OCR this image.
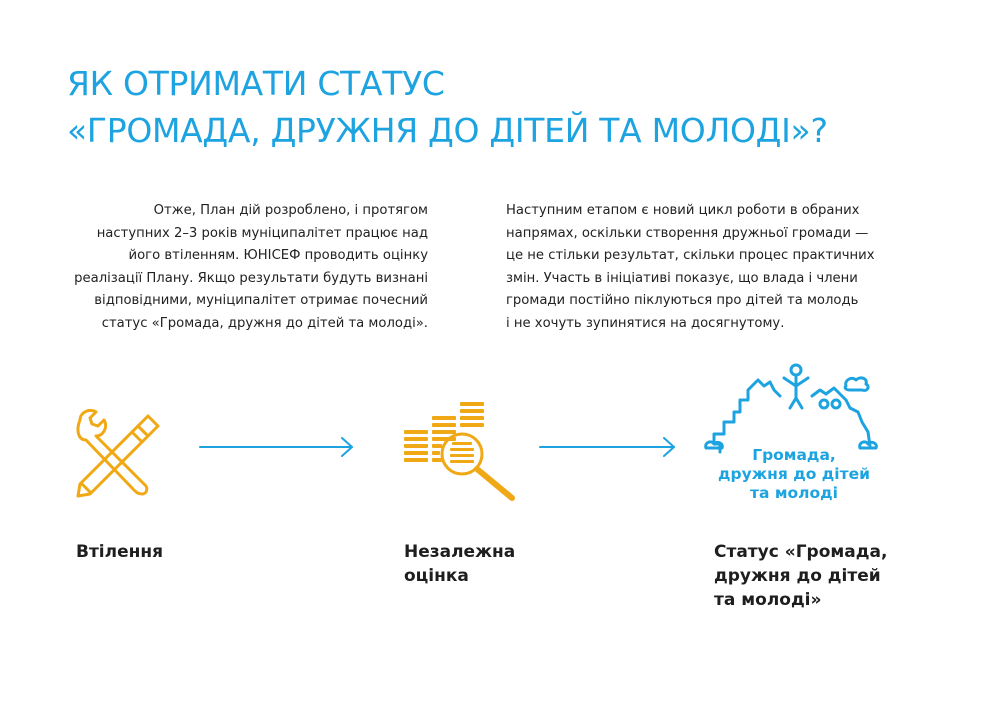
ЯК ОТРИМАТИ СТАТУС
«ГРОМАДА, ДРУЖНЯ ДО ДІТЕЙ ТА МОЛОДІ»?

Отже, План дій розроблено, і протягом
наступних 2–3 років муніципалітет працює над
його втіленням. ЮНІСЕФ проводить оцінку
реалізації Плану. Якщо результати будуть визнані
відповідними, муніципалітет отримає почесний
статус «Громада, дружня до дітей та молоді».

Наступним етапом є новий цикл роботи в обраних
напрямах, оскільки створення дружньої громади —
це не стільки результат, скільки процес практичних
змін. Участь в ініціативі показує, що влада і члени
громади постійно піклуються про дітей та молодь
і не хочуть зупинятися на досягнутому.

Громада,
дружня до дітей
та молоді

Втілення	Незалежна
оцінка

Статус «Громада,
дружня до дітей
та молоді»
